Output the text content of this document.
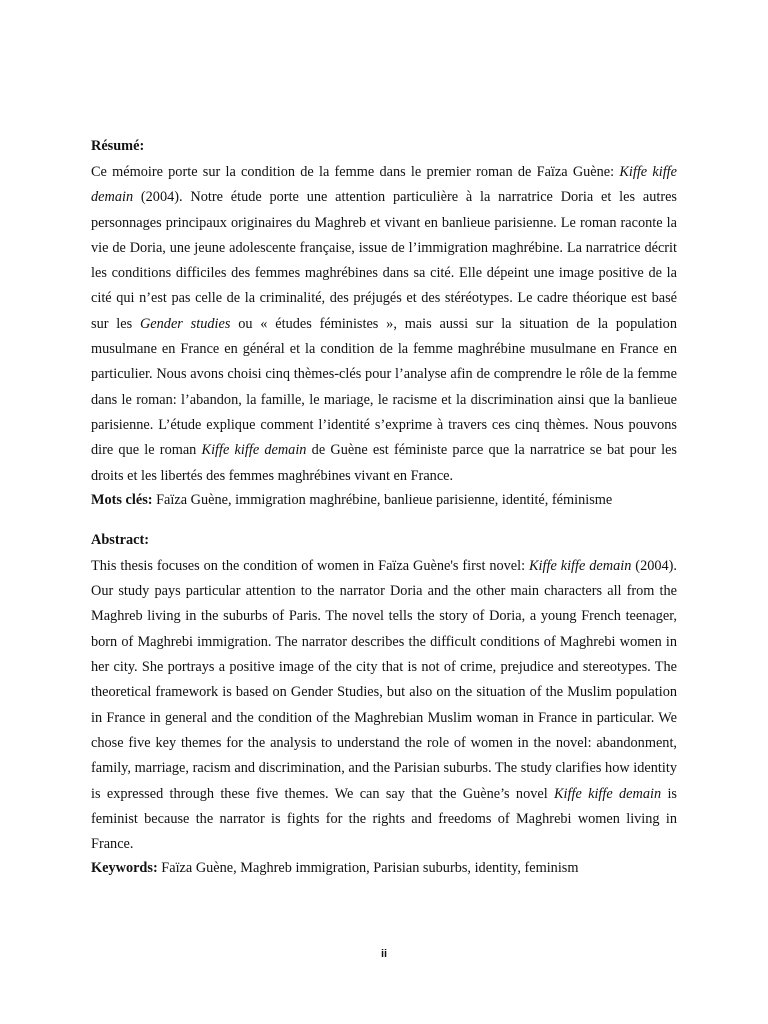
Résumé:

Ce mémoire porte sur la condition de la femme dans le premier roman de Faïza Guène: Kiffe kiffe demain (2004). Notre étude porte une attention particulière à la narratrice Doria et les autres personnages principaux originaires du Maghreb et vivant en banlieue parisienne. Le roman raconte la vie de Doria, une jeune adolescente française, issue de l’immigration maghrébine. La narratrice décrit les conditions difficiles des femmes maghrébines dans sa cité. Elle dépeint une image positive de la cité qui n’est pas celle de la criminalité, des préjugés et des stéréotypes. Le cadre théorique est basé sur les Gender studies ou « études féministes », mais aussi sur la situation de la population musulmane en France en général et la condition de la femme maghrébine musulmane en France en particulier. Nous avons choisi cinq thèmes-clés pour l’analyse afin de comprendre le rôle de la femme dans le roman: l’abandon, la famille, le mariage, le racisme et la discrimination ainsi que la banlieue parisienne. L’étude explique comment l’identité s’exprime à travers ces cinq thèmes. Nous pouvons dire que le roman Kiffe kiffe demain de Guène est féministe parce que la narratrice se bat pour les droits et les libertés des femmes maghrébines vivant en France.

Mots clés: Faïza Guène, immigration maghrébine, banlieue parisienne, identité, féminisme

Abstract:

This thesis focuses on the condition of women in Faïza Guène's first novel: Kiffe kiffe demain (2004). Our study pays particular attention to the narrator Doria and the other main characters all from the Maghreb living in the suburbs of Paris. The novel tells the story of Doria, a young French teenager, born of Maghrebi immigration. The narrator describes the difficult conditions of Maghrebi women in her city. She portrays a positive image of the city that is not of crime, prejudice and stereotypes. The theoretical framework is based on Gender Studies, but also on the situation of the Muslim population in France in general and the condition of the Maghrebian Muslim woman in France in particular. We chose five key themes for the analysis to understand the role of women in the novel: abandonment, family, marriage, racism and discrimination, and the Parisian suburbs. The study clarifies how identity is expressed through these five themes. We can say that the Guène’s novel Kiffe kiffe demain is feminist because the narrator is fights for the rights and freedoms of Maghrebi women living in France.

Keywords: Faïza Guène, Maghreb immigration, Parisian suburbs, identity, feminism

ii
